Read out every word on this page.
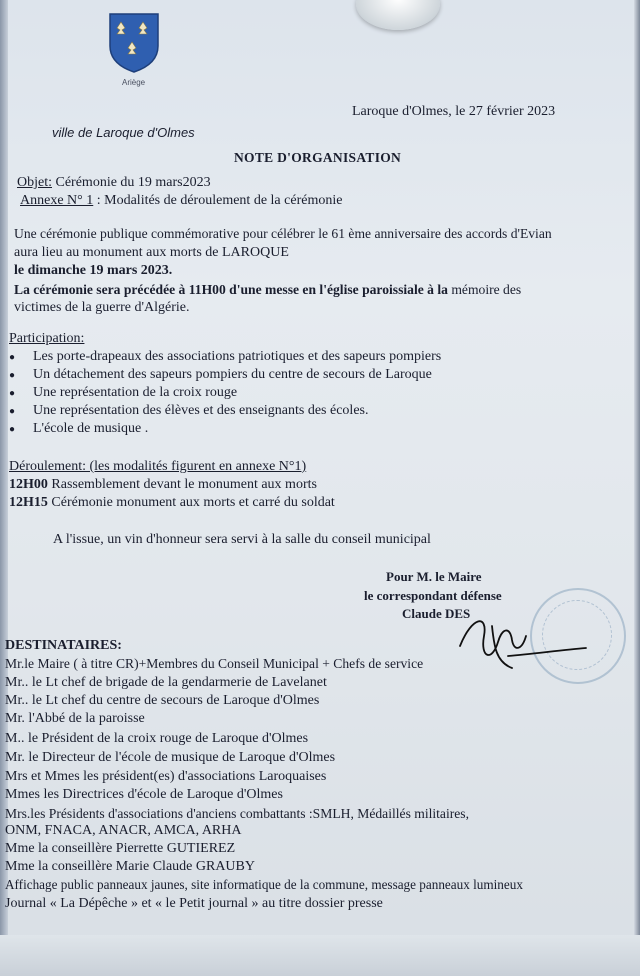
Ariège
Laroque d'Olmes, le 27 février 2023
ville de Laroque d'Olmes
NOTE D'ORGANISATION
Objet: Cérémonie du 19 mars2023
Annexe N° 1 : Modalités de déroulement de la cérémonie
Une cérémonie publique commémorative pour célébrer le 61 ème anniversaire des accords d'Evian
aura lieu au monument aux morts de LAROQUE
le dimanche 19 mars 2023.
La cérémonie sera précédée à 11H00 d'une messe en l'église paroissiale à la mémoire des
victimes de la guerre d'Algérie.
Participation:
● Les porte-drapeaux des associations patriotiques et des sapeurs pompiers
● Un détachement des sapeurs pompiers du centre de secours de Laroque
● Une représentation de la croix rouge
● Une représentation des élèves et des enseignants des écoles.
● L'école de musique .
Déroulement: (les modalités figurent en annexe N°1)
12H00 Rassemblement devant le monument aux morts
12H15 Cérémonie monument aux morts et carré du soldat
A l'issue, un vin d'honneur sera servi à la salle du conseil municipal
Pour M. le Maire
le correspondant défense
Claude DES
DESTINATAIRES:
Mr.le Maire ( à titre CR)+Membres du Conseil Municipal + Chefs de service
Mr.. le Lt chef de brigade de la gendarmerie de Lavelanet
Mr.. le Lt chef du centre de secours de Laroque d'Olmes
Mr. l'Abbé de la paroisse
M.. le Président de la croix rouge de Laroque d'Olmes
Mr. le Directeur de l'école de musique de Laroque d'Olmes
Mrs et Mmes les président(es) d'associations Laroquaises
Mmes les Directrices d'école de Laroque d'Olmes
Mrs.les Présidents d'associations d'anciens combattants :SMLH, Médaillés militaires,
ONM, FNACA, ANACR, AMCA, ARHA
Mme la conseillère Pierrette GUTIEREZ
Mme la conseillère Marie Claude GRAUBY
Affichage public panneaux jaunes, site informatique de la commune, message panneaux lumineux
Journal « La Dépêche » et « le Petit journal » au titre dossier presse
